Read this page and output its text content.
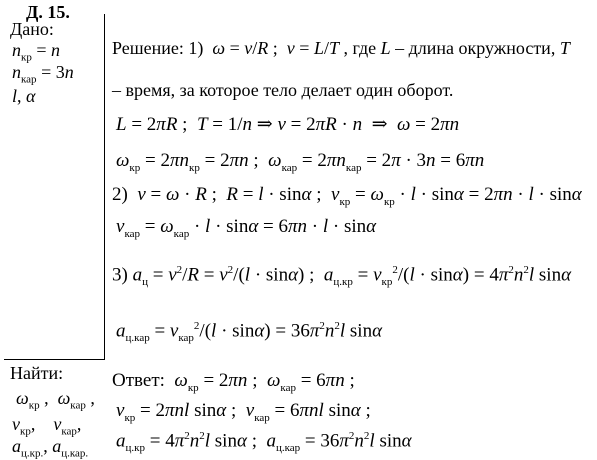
Д. 15.
Дано:
$n_{кр} = n$
$n_{кар} = 3n$
l, α
Найти:
$\omega_{кр}$ ,  $\omega_{кар}$ ,
$v_{кр}$,    $v_{кар}$,
$a_{ц.кр.}$, $a_{ц.кар.}$
Решение: 1)  ω = v/R ;  v = L/T , где L – длина окружности, T
– время, за которое тело делает один оборот.
L = 2πR ;  T = 1/n ⇒ v = 2πR · n  ⇒  ω = 2πn
$\omega_{кр} = 2\pi n_{кр} = 2\pi n$ ;  $\omega_{кар} = 2\pi n_{кар} = 2\pi \cdot 3n = 6\pi n$
2)  v = ω · R ;  R = l · sinα ;  $v_{кр} = \omega_{кр} \cdot l \cdot \sin\alpha = 2\pi n \cdot l \cdot \sin\alpha$
$v_{кар} = \omega_{кар} \cdot l \cdot \sin\alpha = 6\pi n \cdot l \cdot \sin\alpha$
3) $a_ц = v^2/R = v^2/(l \cdot \sin\alpha)$ ;  $a_{ц.кр} = v_{кр}^2/(l \cdot \sin\alpha) = 4\pi^2n^2l$ sinα
$a_{ц.кар} = v_{кар}^2/(l \cdot \sin\alpha) = 36\pi^2n^2l$ sinα
Ответ:  $\omega_{кр} = 2\pi n$ ;  $\omega_{кар} = 6\pi n$ ;
$v_{кр} = 2\pi nl$ sinα ;  $v_{кар} = 6\pi nl$ sinα ;
$a_{ц.кр} = 4\pi^2n^2l$ sinα ;  $a_{ц.кар} = 36\pi^2n^2l$ sinα
